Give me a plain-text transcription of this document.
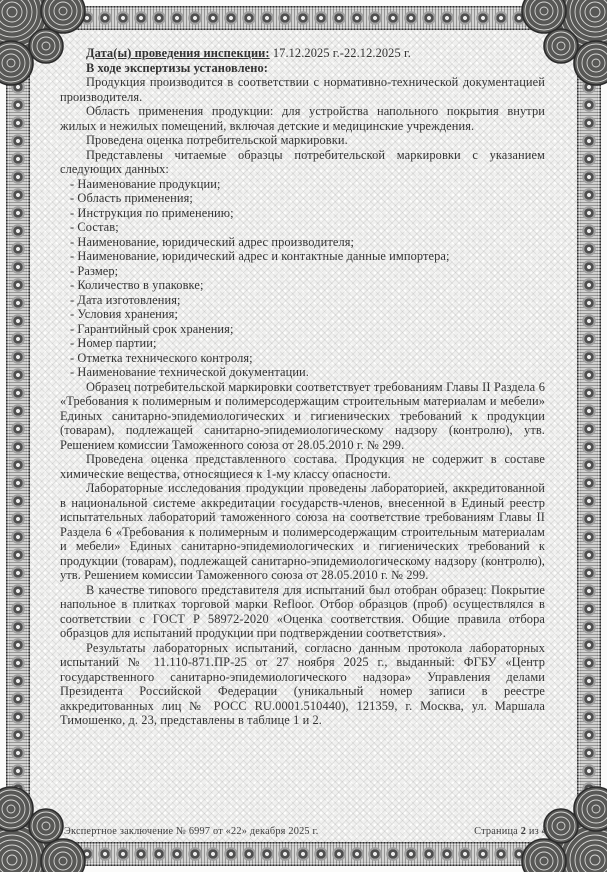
Дата(ы) проведения инспекции: 17.12.2025 г.-22.12.2025 г.

В ходе экспертизы установлено:

Продукция производится в соответствии с нормативно-технической документацией производителя.
Область применения продукции: для устройства напольного покрытия внутри жилых и нежилых помещений, включая детские и медицинские учреждения.
Проведена оценка потребительской маркировки.
Представлены читаемые образцы потребительской маркировки с указанием следующих данных:
- Наименование продукции;
- Область применения;
- Инструкция по применению;
- Состав;
- Наименование, юридический адрес производителя;
- Наименование, юридический адрес и контактные данные импортера;
- Размер;
- Количество в упаковке;
- Дата изготовления;
- Условия хранения;
- Гарантийный срок хранения;
- Номер партии;
- Отметка технического контроля;
- Наименование технической документации.
Образец потребительской маркировки соответствует требованиям Главы II Раздела 6 «Требования к полимерным и полимерсодержащим строительным материалам и мебели» Единых санитарно-эпидемиологических и гигиенических требований к продукции (товарам), подлежащей санитарно-эпидемиологическому надзору (контролю), утв. Решением комиссии Таможенного союза от 28.05.2010 г. № 299.
Проведена оценка представленного состава. Продукция не содержит в составе химические вещества, относящиеся к 1-му классу опасности.
Лабораторные исследования продукции проведены лабораторией, аккредитованной в национальной системе аккредитации государств-членов, внесенной в Единый реестр испытательных лабораторий таможенного союза на соответствие требованиям Главы II Раздела 6 «Требования к полимерным и полимерсодержащим строительным материалам и мебели» Единых санитарно-эпидемиологических и гигиенических требований к продукции (товарам), подлежащей санитарно-эпидемиологическому надзору (контролю), утв. Решением комиссии Таможенного союза от 28.05.2010 г. № 299.
В качестве типового представителя для испытаний был отобран образец: Покрытие напольное в плитках торговой марки Refloor. Отбор образцов (проб) осуществлялся в соответствии с ГОСТ Р 58972-2020 «Оценка соответствия. Общие правила отбора образцов для испытаний продукции при подтверждении соответствия».
Результаты лабораторных испытаний, согласно данным протокола лабораторных испытаний № 11.110-871.ПР-25 от 27 ноября 2025 г., выданный: ФГБУ «Центр государственного санитарно-эпидемиологического надзора» Управления делами Президента Российской Федерации (уникальный номер записи в реестре аккредитованных лиц № РОСС RU.0001.510440), 121359, г. Москва, ул. Маршала Тимошенко, д. 23, представлены в таблице 1 и 2.
Экспертное заключение № 6997 от «22» декабря 2025 г.	Страница 2 из 4
